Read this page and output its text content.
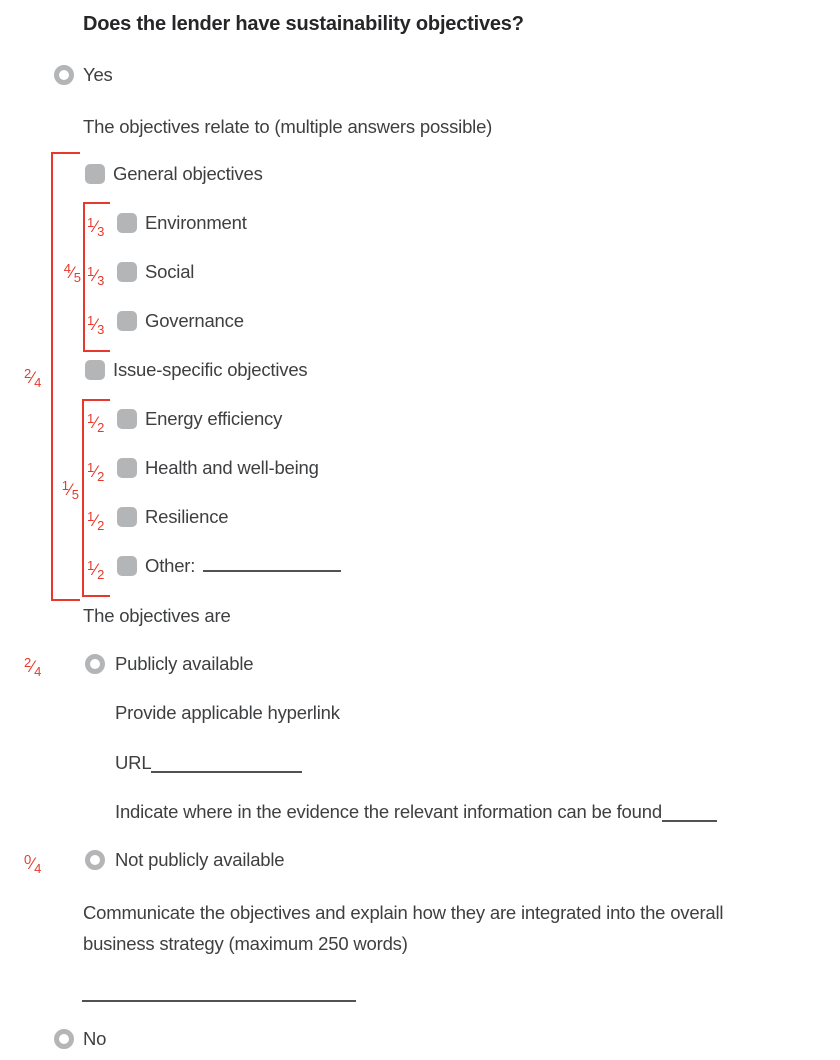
Does the lender have sustainability objectives?
Yes
The objectives relate to (multiple answers possible)
$^2$⁄ 4
$^4$⁄ 5
$^1$⁄ 5
General objectives
$^1$⁄ 3 Environment
$^1$⁄ 3 Social
$^1$⁄ 3 Governance
Issue-specific objectives
$^1$⁄ 2 Energy efficiency
$^1$⁄ 2 Health and well-being
$^1$⁄ 2 Resilience
$^1$⁄ 2 Other:
The objectives are
$^2$⁄ 4	Publicly available
Provide applicable hyperlink
URL
Indicate where in the evidence the relevant information can be found
$^0$⁄ 4	Not publicly available
Communicate the objectives and explain how they are integrated into the overall business strategy (maximum 250 words)
No
